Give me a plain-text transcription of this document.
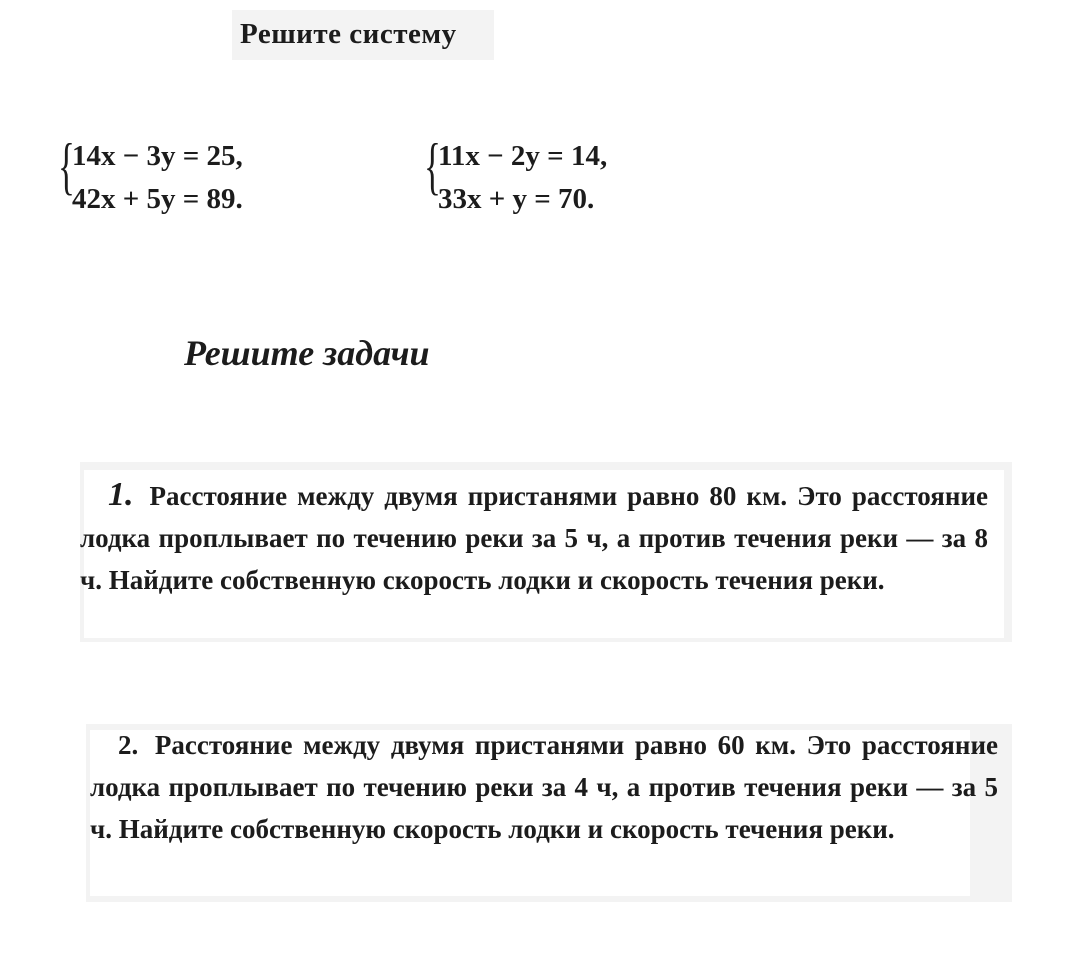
Решите систему
{
14x − 3y = 25,
42x + 5y = 89.	{
11x − 2y = 14,
33x + y = 70.
Решите задачи
1. Расстояние между двумя пристанями равно 80 км. Это расстояние лодка проплывает по течению реки за 5 ч, а против течения реки — за 8 ч. Найдите собственную скорость лодки и скорость течения реки.
2. Расстояние между двумя пристанями равно 60 км. Это расстояние лодка проплывает по течению реки за 4 ч, а против течения реки — за 5 ч. Найдите собственную скорость лодки и скорость течения реки.
